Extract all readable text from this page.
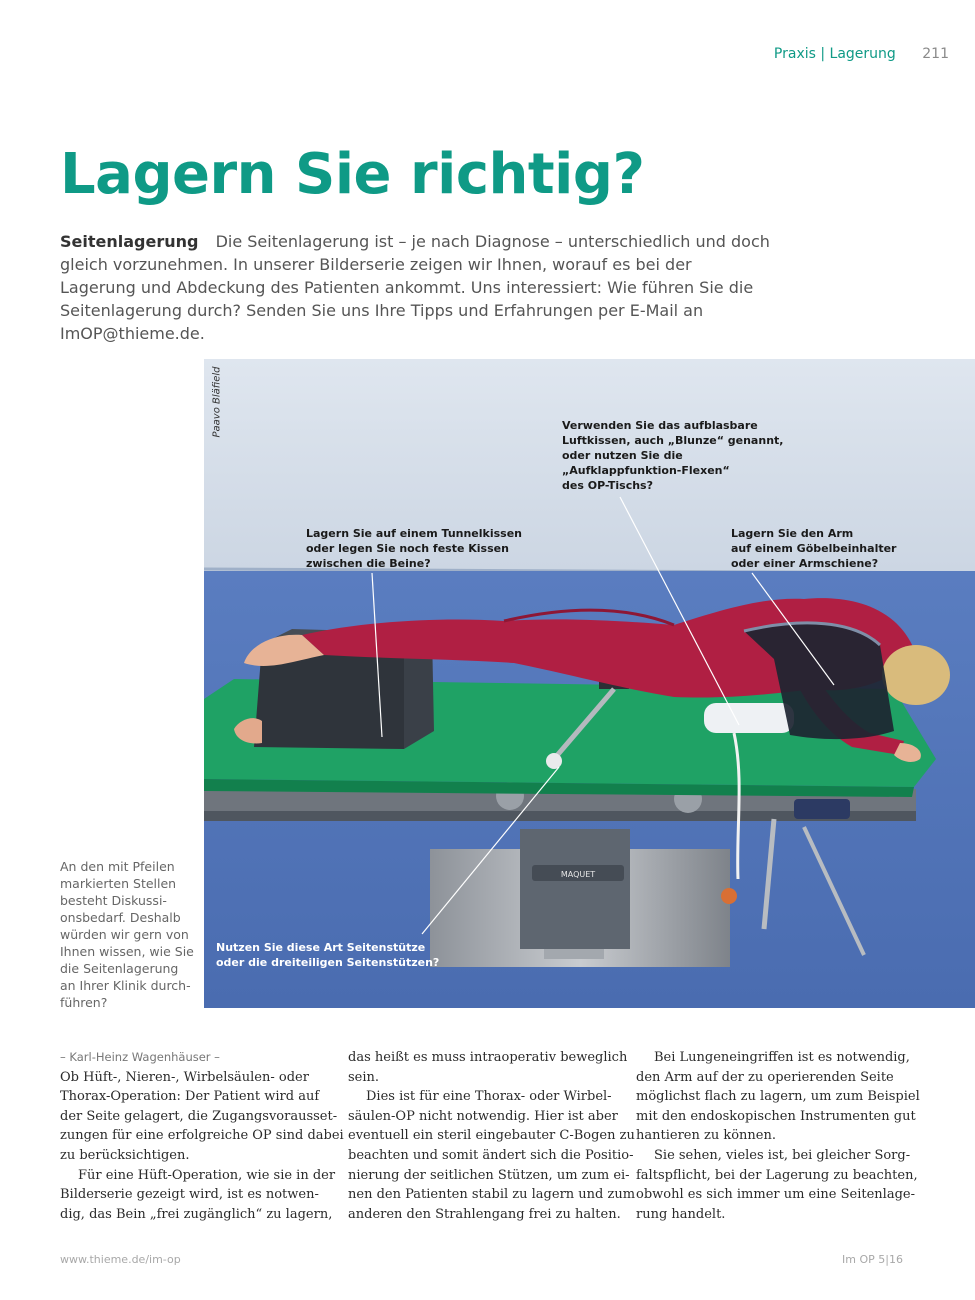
Praxis | Lagerung 211
Lagern Sie richtig?

Seitenlagerung Die Seitenlagerung ist – je nach Diagnose – unterschiedlich und doch gleich vorzunehmen. In unserer Bilderserie zeigen wir Ihnen, worauf es bei der Lagerung und Abdeckung des Patienten ankommt. Uns interessiert: Wie führen Sie die Seitenlagerung durch? Senden Sie uns Ihre Tipps und Erfahrungen per E-Mail an ImOP@thieme.de.

MAQUET
Paavo Bläfield	Verwenden Sie das aufblasbare
Luftkissen, auch „Blunze“ genannt,
oder nutzen Sie die
„Aufklappfunktion-Flexen“
des OP-Tischs?
Lagern Sie auf einem Tunnelkissen
oder legen Sie noch feste Kissen
zwischen die Beine?
Lagern Sie den Arm
auf einem Göbelbeinhalter
oder einer Armschiene?
Nutzen Sie diese Art Seitenstütze
oder die dreiteiligen Seitenstützen?
An den mit Pfeilen
markierten Stellen
besteht Diskussi-
onsbedarf. Deshalb
würden wir gern von
Ihnen wissen, wie Sie
die Seitenlagerung
an Ihrer Klinik durch-
führen?
– Karl-Heinz Wagenhäuser –
Ob Hüft-, Nieren-, Wirbelsäulen- oder
Thorax-Operation: Der Patient wird auf
der Seite gelagert, die Zugangsvorausset-
zungen für eine erfolgreiche OP sind dabei
zu berücksichtigen.
Für eine Hüft-Operation, wie sie in der
Bilderserie gezeigt wird, ist es notwen-
dig, das Bein „frei zugänglich“ zu lagern,
das heißt es muss intraoperativ beweglich
sein.
Dies ist für eine Thorax- oder Wirbel-
säulen-OP nicht notwendig. Hier ist aber
eventuell ein steril eingebauter C-Bogen zu
beachten und somit ändert sich die Positio-
nierung der seitlichen Stützen, um zum ei-
nen den Patienten stabil zu lagern und zum
anderen den Strahlengang frei zu halten.
Bei Lungeneingriffen ist es notwendig,
den Arm auf der zu operierenden Seite
möglichst flach zu lagern, um zum Beispiel
mit den endoskopischen Instrumenten gut
hantieren zu können.
Sie sehen, vieles ist, bei gleicher Sorg-
faltspflicht, bei der Lagerung zu beachten,
obwohl es sich immer um eine Seitenlage-
rung handelt.
www.thieme.de/im-op	Im OP 5|16
